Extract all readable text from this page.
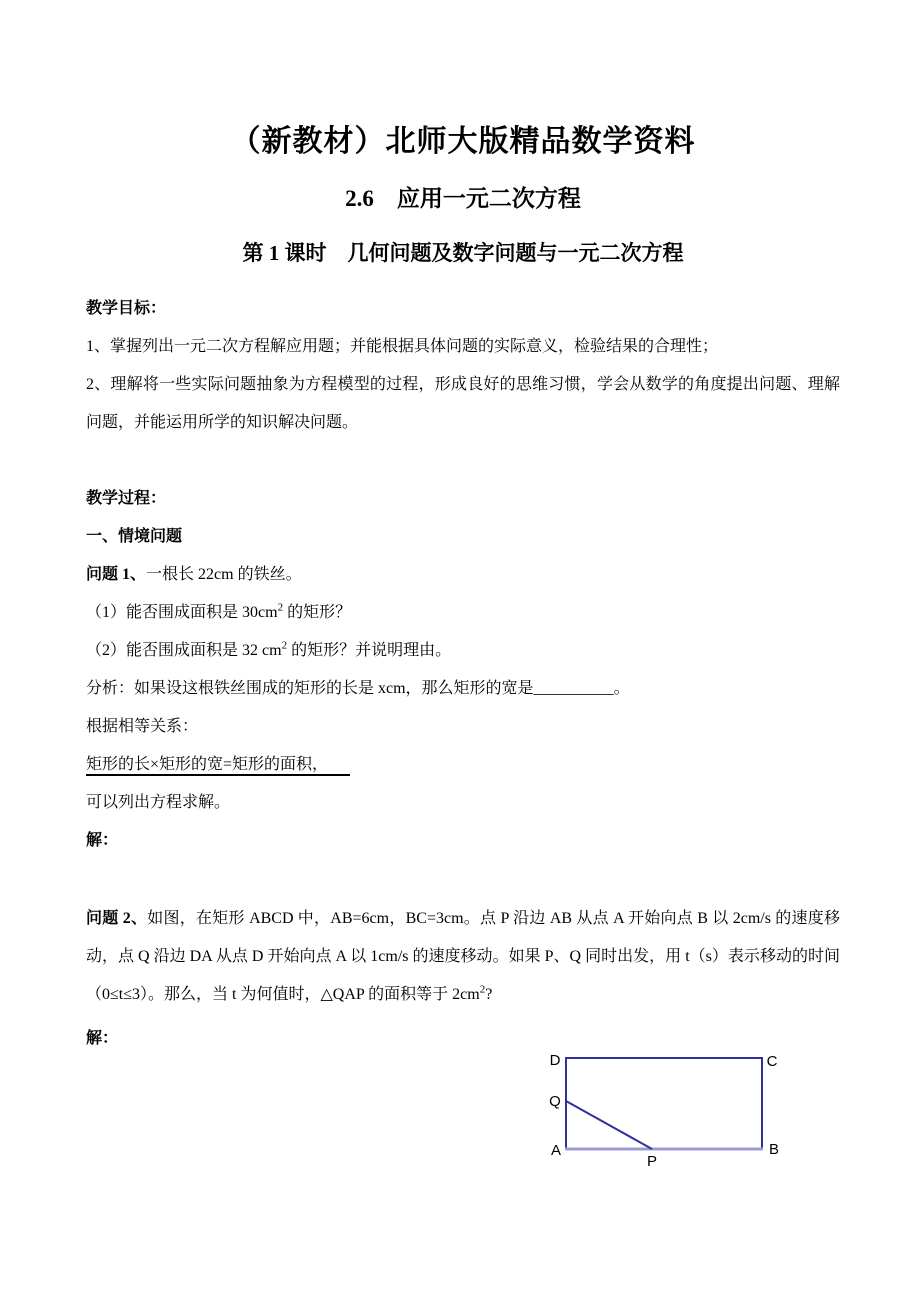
（新教材）北师大版精品数学资料

2.6　应用一元二次方程

第 1 课时　几何问题及数字问题与一元二次方程

教学目标：

1、掌握列出一元二次方程解应用题；并能根据具体问题的实际意义，检验结果的合理性；

2、理解将一些实际问题抽象为方程模型的过程，形成良好的思维习惯，学会从数学的角度提出问题、理解问题，并能运用所学的知识解决问题。

教学过程：

一、情境问题

问题 1、一根长 22cm 的铁丝。

（1）能否围成面积是 $30cm^2$ 的矩形？

（2）能否围成面积是 32 $cm^2$ 的矩形？并说明理由。

分析：如果设这根铁丝围成的矩形的长是 xcm，那么矩形的宽是__________。

根据相等关系：

矩形的长×矩形的宽=矩形的面积，

可以列出方程求解。

解：

问题 2、如图，在矩形 ABCD 中，AB=6cm，BC=3cm。点 P 沿边 AB 从点 A 开始向点 B 以 2cm/s 的速度移动，点 Q 沿边 DA 从点 D 开始向点 A 以 1cm/s 的速度移动。如果 P、Q 同时出发，用 t（s）表示移动的时间（0≤t≤3）。那么，当 t 为何值时，△QAP 的面积等于 $2cm^2$?

解：

D	C
Q
A	B
P
